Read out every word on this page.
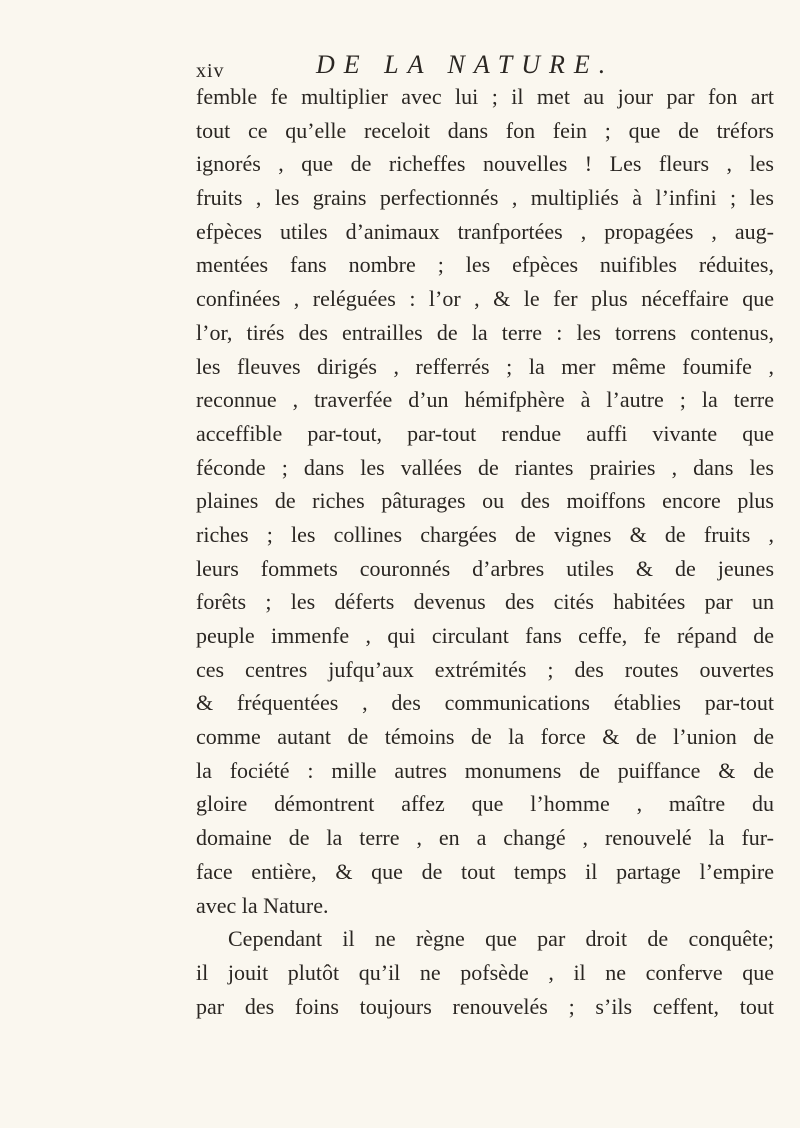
xiv	DE LA NATURE.
femble fe multiplier avec lui ; il met au jour par fon art
tout ce qu’elle receloit dans fon fein ; que de tréfors
ignorés , que de richeffes nouvelles ! Les fleurs , les
fruits , les grains perfectionnés , multipliés à l’infini ; les
efpèces utiles d’animaux tranfportées , propagées , aug-
mentées fans nombre ; les efpèces nuifibles réduites,
confinées , reléguées : l’or , & le fer plus néceffaire que
l’or, tirés des entrailles de la terre : les torrens contenus,
les fleuves dirigés , refferrés ; la mer même foumife ,
reconnue , traverfée d’un hémifphère à l’autre ; la terre
acceffible par-tout, par-tout rendue auffi vivante que
féconde ; dans les vallées de riantes prairies , dans les
plaines de riches pâturages ou des moiffons encore plus
riches ; les collines chargées de vignes & de fruits ,
leurs fommets couronnés d’arbres utiles & de jeunes
forêts ; les déferts devenus des cités habitées par un
peuple immenfe , qui circulant fans ceffe, fe répand de
ces centres jufqu’aux extrémités ; des routes ouvertes
& fréquentées , des communications établies par-tout
comme autant de témoins de la force & de l’union de
la fociété : mille autres monumens de puiffance & de
gloire démontrent affez que l’homme , maître du
domaine de la terre , en a changé , renouvelé la fur-
face entière, & que de tout temps il partage l’empire
avec la Nature.
Cependant il ne règne que par droit de conquête;
il jouit plutôt qu’il ne pofsède , il ne conferve que
par des foins toujours renouvelés ; s’ils ceffent, tout
